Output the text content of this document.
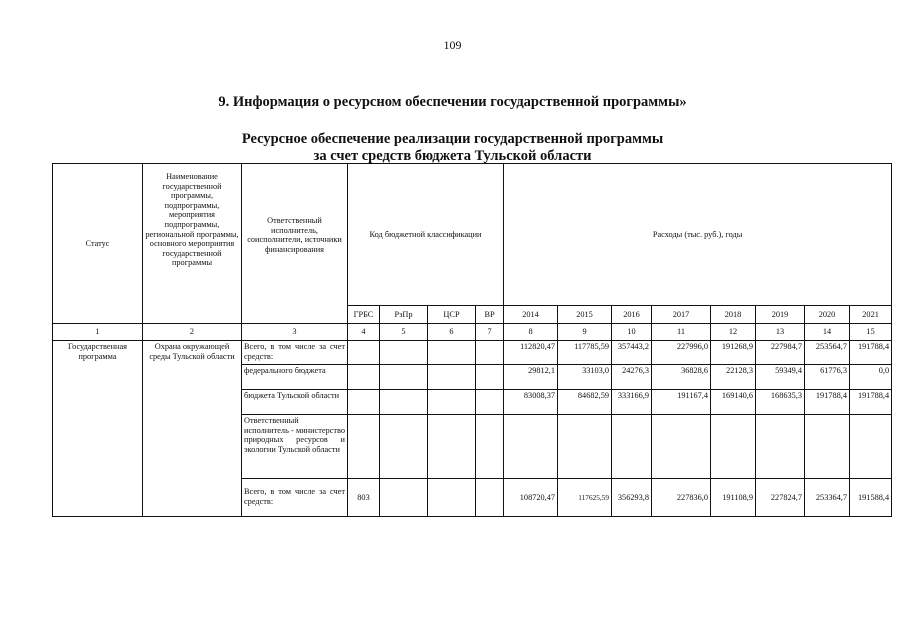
109
9. Информация о ресурсном обеспечении государственной программы»
Ресурсное обеспечение реализации государственной программы
за счет средств бюджета Тульской области
Статус	Наименование государственной программы, подпрограммы, мероприятия подпрограммы, региональной программы, основного мероприятия государственной программы	Ответственный исполнитель, соисполнители, источники финансирования	Код бюджетной классификации				Расходы (тыс. руб.), годы							
			ГРБС	РзПр	ЦСР	ВР	2014	2015	2016	2017	2018	2019	2020	2021
1	2	3	4	5	6	7	8	9	10	11	12	13	14	15
Государственная программа	Охрана окружающей среды Тульской области	Всего, в том числе за счет средств:					112820,47	117785,59	357443,2	227996,0	191268,9	227984,7	253564,7	191788,4
		федерального бюджета					29812,1	33103,0	24276,3	36828,6	22128,3	59349,4	61776,3	0,0
		бюджета Тульской области					83008,37	84682,59	333166,9	191167,4	169140,6	168635,3	191788,4	191788,4
		Ответственный исполнитель - министерство природных ресурсов и экологии Тульской области												
		Всего, в том числе за счет средств:	803				108720,47	117625,59	356293,8	227836,0	191108,9	227824,7	253364,7	191588,4
